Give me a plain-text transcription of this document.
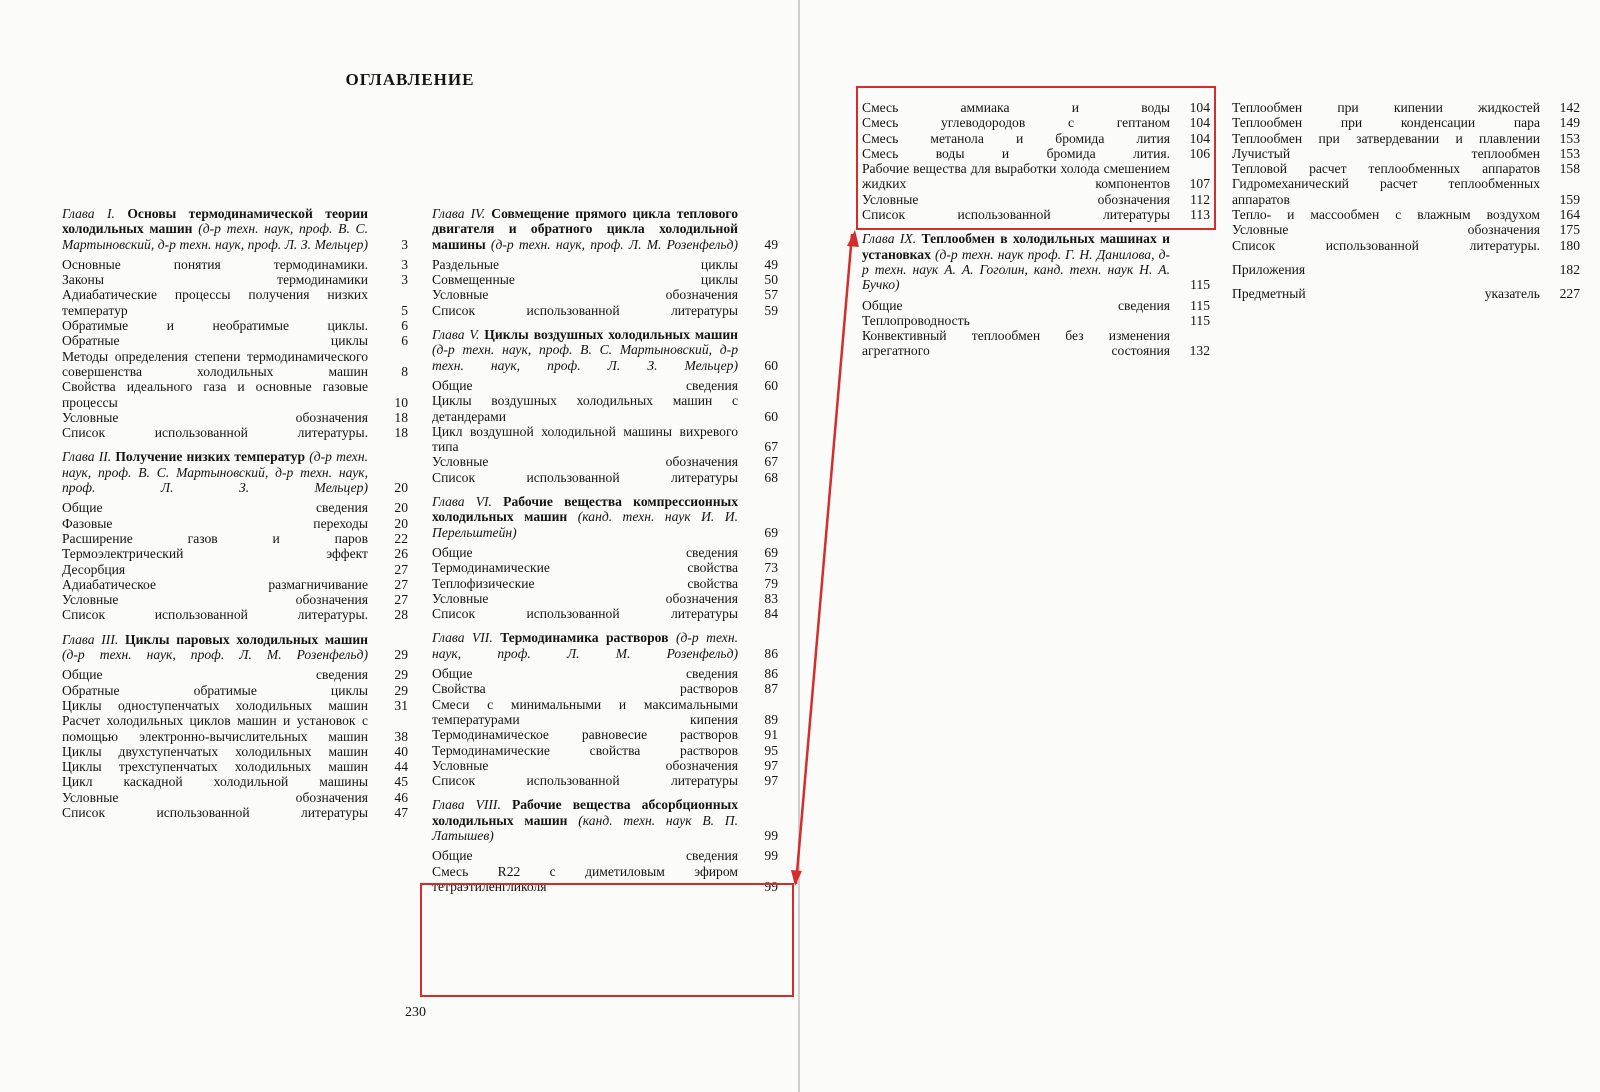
ОГЛАВЛЕНИЕ
Глава I. Основы термодинамической теории холодильных машин (д-р техн. наук, проф. В. С. Мартыновский, д-р техн. наук, проф. Л. З. Мельцер)	3
Основные понятия термодинамики.	3
Законы термодинамики	3
Адиабатические процессы получения низких температур	5
Обратимые и необратимые циклы.	6
Обратные циклы	6
Методы определения степени термодинамического совершенства холодильных машин	8
Свойства идеального газа и основные газовые процессы	10
Условные обозначения	18
Список использованной литературы.	18
Глава II. Получение низких температур (д-р техн. наук, проф. В. С. Мартыновский, д-р техн. наук, проф. Л. З. Мельцер)	20
Общие сведения	20
Фазовые переходы	20
Расширение газов и паров	22
Термоэлектрический эффект	26
Десорбция	27
Адиабатическое размагничивание	27
Условные обозначения	27
Список использованной литературы.	28
Глава III. Циклы паровых холодильных машин (д-р техн. наук, проф. Л. М. Розенфельд)	29
Общие сведения	29
Обратные обратимые циклы	29
Циклы одноступенчатых холодильных машин	31
Расчет холодильных циклов машин и установок с помощью электронно-вычислительных машин	38
Циклы двухступенчатых холодильных машин	40
Циклы трехступенчатых холодильных машин	44
Цикл каскадной холодильной машины	45
Условные обозначения	46
Список использованной литературы	47
Глава IV. Совмещение прямого цикла теплового двигателя и обратного цикла холодильной машины (д-р техн. наук, проф. Л. М. Розенфельд)	49
Раздельные циклы	49
Совмещенные циклы	50
Условные обозначения	57
Список использованной литературы	59
Глава V. Циклы воздушных холодильных машин (д-р техн. наук, проф. В. С. Мартыновский, д-р техн. наук, проф. Л. З. Мельцер)	60
Общие сведения	60
Циклы воздушных холодильных машин с детандерами	60
Цикл воздушной холодильной машины вихревого типа	67
Условные обозначения	67
Список использованной литературы	68
Глава VI. Рабочие вещества компрессионных холодильных машин (канд. техн. наук И. И. Перельштейн)	69
Общие сведения	69
Термодинамические свойства	73
Теплофизические свойства	79
Условные обозначения	83
Список использованной литературы	84
Глава VII. Термодинамика растворов (д-р техн. наук, проф. Л. М. Розенфельд)	86
Общие сведения	86
Свойства растворов	87
Смеси с минимальными и максимальными температурами кипения	89
Термодинамическое равновесие растворов	91
Термодинамические свойства растворов	95
Условные обозначения	97
Список использованной литературы	97
Глава VIII. Рабочие вещества абсорбционных холодильных машин (канд. техн. наук В. П. Латышев)	99
Общие сведения	99
Смесь R22 с диметиловым эфиром тетраэтиленгликоля	99
Смесь аммиака и воды	104
Смесь углеводородов с гептаном	104
Смесь метанола и бромида лития	104
Смесь воды и бромида лития.	106
Рабочие вещества для выработки холода смешением жидких компонентов	107
Условные обозначения	112
Список использованной литературы	113
Глава IX. Теплообмен в холодильных машинах и установках (д-р техн. наук проф. Г. Н. Данилова, д-р техн. наук А. А. Гоголин, канд. техн. наук Н. А. Бучко)	115
Общие сведения	115
Теплопроводность	115
Конвективный теплообмен без изменения агрегатного состояния	132
Теплообмен при кипении жидкостей	142
Теплообмен при конденсации пара	149
Теплообмен при затвердевании и плавлении	153
Лучистый теплообмен	153
Тепловой расчет теплообменных аппаратов	158
Гидромеханический расчет теплообменных аппаратов	159
Тепло- и массообмен с влажным воздухом	164
Условные обозначения	175
Список использованной литературы.	180
Приложения	182
Предметный указатель	227
230
